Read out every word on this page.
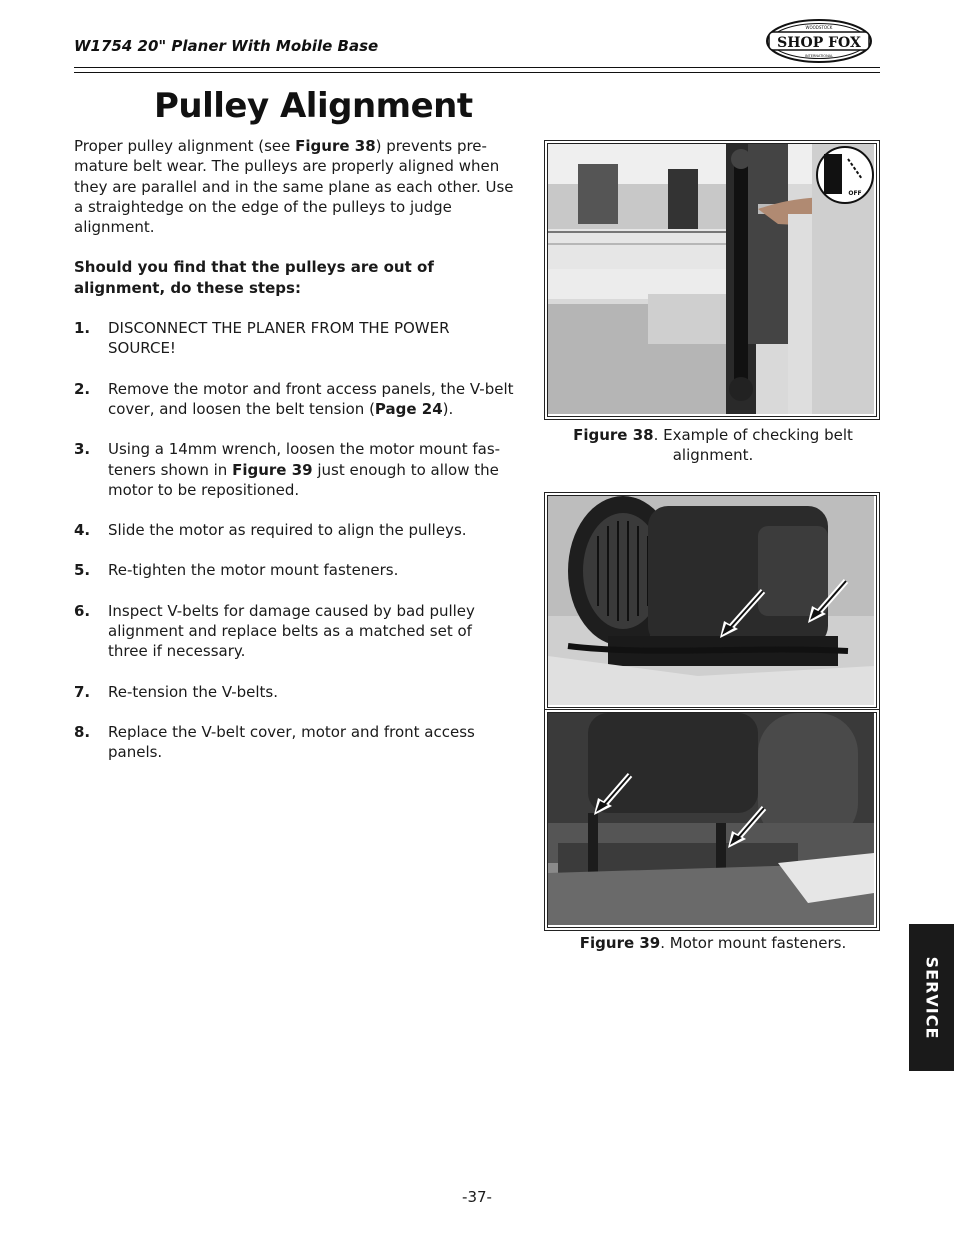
W1754 20" Planer With Mobile Base	SHOP FOX
WOODSTOCK
INTERNATIONAL
Pulley Alignment

Proper pulley alignment (see Figure 38) prevents pre-mature belt wear. The pulleys are properly aligned when they are parallel and in the same plane as each other. Use a straightedge on the edge of the pulleys to judge alignment.

Should you find that the pulleys are out of alignment, do these steps:

1. DISCONNECT THE PLANER FROM THE POWER SOURCE!
2. Remove the motor and front access panels, the V-belt cover, and loosen the belt tension (Page 24).
3. Using a 14mm wrench, loosen the motor mount fas-teners shown in Figure 39 just enough to allow the motor to be repositioned.
4. Slide the motor as required to align the pulleys.
5. Re-tighten the motor mount fasteners.
6. Inspect V-belts for damage caused by bad pulley alignment and replace belts as a matched set of three if necessary.
7. Re-tension the V-belts.
8. Replace the V-belt cover, motor and front access panels.
OFF
Figure 38. Example of checking belt alignment.
Figure 39. Motor mount fasteners.
SERVICE
-37-
